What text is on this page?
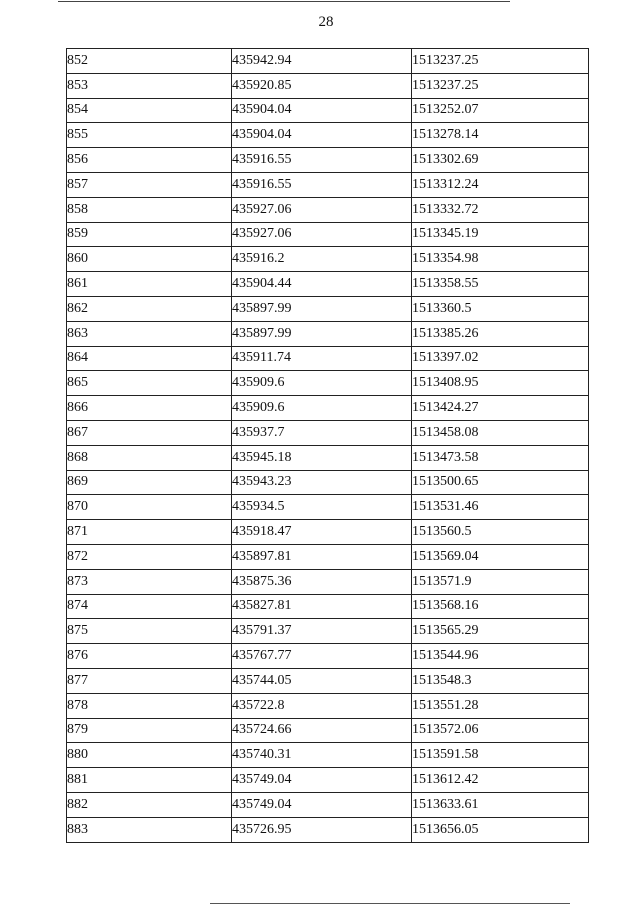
28
852	435942.94	1513237.25
853	435920.85	1513237.25
854	435904.04	1513252.07
855	435904.04	1513278.14
856	435916.55	1513302.69
857	435916.55	1513312.24
858	435927.06	1513332.72
859	435927.06	1513345.19
860	435916.2	1513354.98
861	435904.44	1513358.55
862	435897.99	1513360.5
863	435897.99	1513385.26
864	435911.74	1513397.02
865	435909.6	1513408.95
866	435909.6	1513424.27
867	435937.7	1513458.08
868	435945.18	1513473.58
869	435943.23	1513500.65
870	435934.5	1513531.46
871	435918.47	1513560.5
872	435897.81	1513569.04
873	435875.36	1513571.9
874	435827.81	1513568.16
875	435791.37	1513565.29
876	435767.77	1513544.96
877	435744.05	1513548.3
878	435722.8	1513551.28
879	435724.66	1513572.06
880	435740.31	1513591.58
881	435749.04	1513612.42
882	435749.04	1513633.61
883	435726.95	1513656.05
